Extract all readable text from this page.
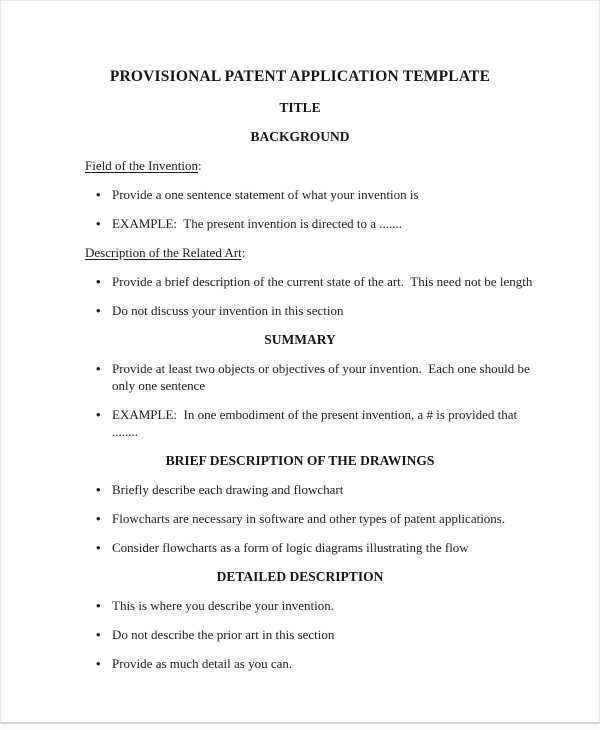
PROVISIONAL PATENT APPLICATION TEMPLATE
TITLE
BACKGROUND

Field of the Invention:

•
Provide a one sentence statement of what your invention is
•
EXAMPLE:  The present invention is directed to a .......

Description of the Related Art:

•
Provide a brief description of the current state of the art.  This need not be length
•
Do not discuss your invention in this section
SUMMARY
•
Provide at least two objects or objectives of your invention.  Each one should be
only one sentence
•
EXAMPLE:  In one embodiment of the present invention, a # is provided that
........
BRIEF DESCRIPTION OF THE DRAWINGS
•
Briefly describe each drawing and flowchart
•
Flowcharts are necessary in software and other types of patent applications.
•
Consider flowcharts as a form of logic diagrams illustrating the flow
DETAILED DESCRIPTION
•
This is where you describe your invention.
•
Do not describe the prior art in this section
•
Provide as much detail as you can.
